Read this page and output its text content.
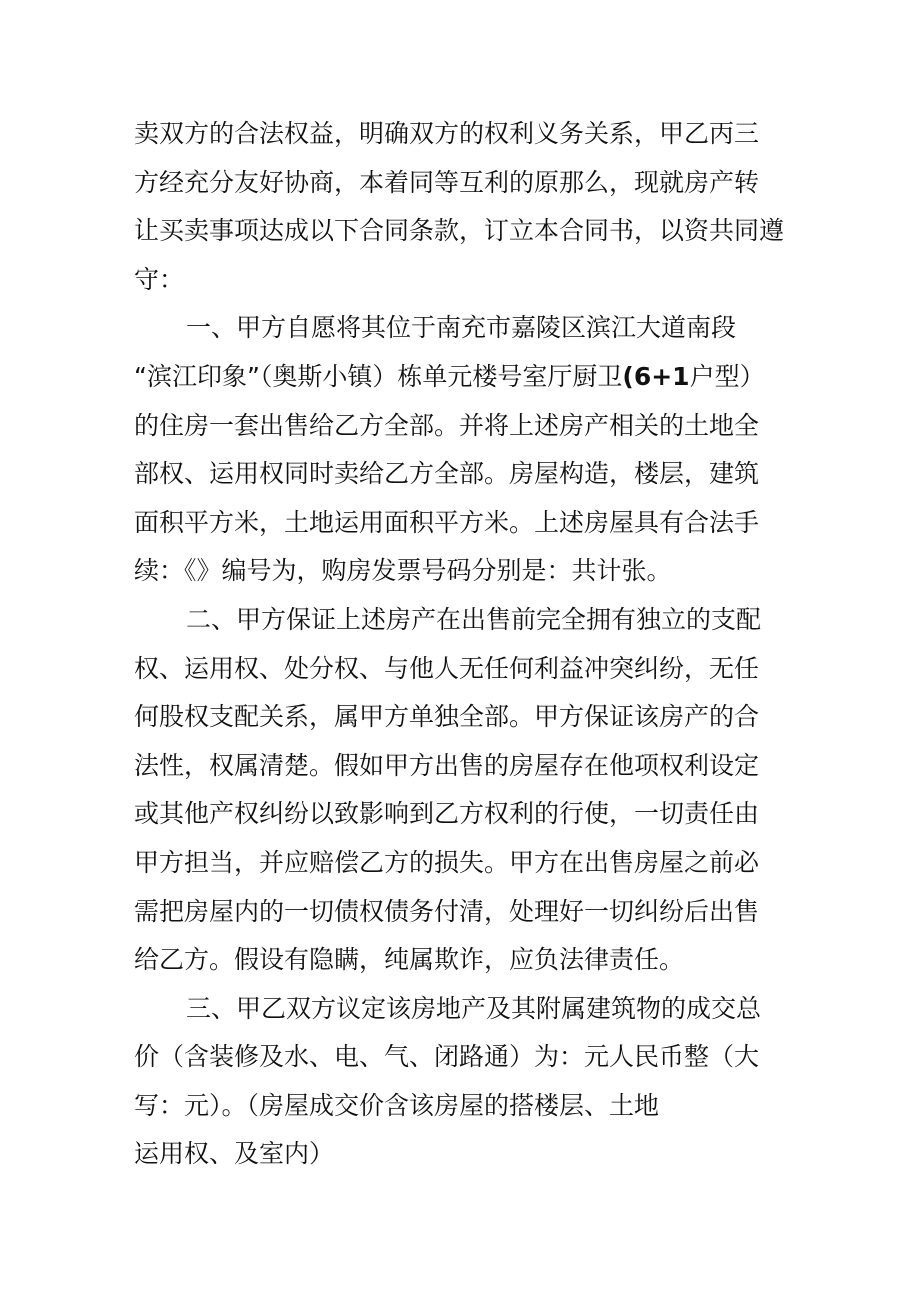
卖双方的合法权益，明确双方的权利义务关系，甲乙丙三
方经充分友好协商，本着同等互利的原那么，现就房产转
让买卖事项达成以下合同条款，订立本合同书，以资共同遵
守：

一、甲方自愿将其位于南充市嘉陵区滨江大道南段
“滨江印象”（奥斯小镇）栋单元楼号室厅厨卫(6+1户型）
的住房一套出售给乙方全部。并将上述房产相关的土地全
部权、运用权同时卖给乙方全部。房屋构造，楼层，建筑
面积平方米，土地运用面积平方米。上述房屋具有合法手
续：《》编号为，购房发票号码分别是：共计张。

二、甲方保证上述房产在出售前完全拥有独立的支配
权、运用权、处分权、与他人无任何利益冲突纠纷，无任
何股权支配关系，属甲方单独全部。甲方保证该房产的合
法性，权属清楚。假如甲方出售的房屋存在他项权利设定
或其他产权纠纷以致影响到乙方权利的行使，一切责任由
甲方担当，并应赔偿乙方的损失。甲方在出售房屋之前必
需把房屋内的一切债权债务付清，处理好一切纠纷后出售
给乙方。假设有隐瞒，纯属欺诈，应负法律责任。

三、甲乙双方议定该房地产及其附属建筑物的成交总
价（含装修及水、电、气、闭路通）为：元人民币整（大
写：元）。（房屋成交价含该房屋的搭楼层、土地
运用权、及室内）
